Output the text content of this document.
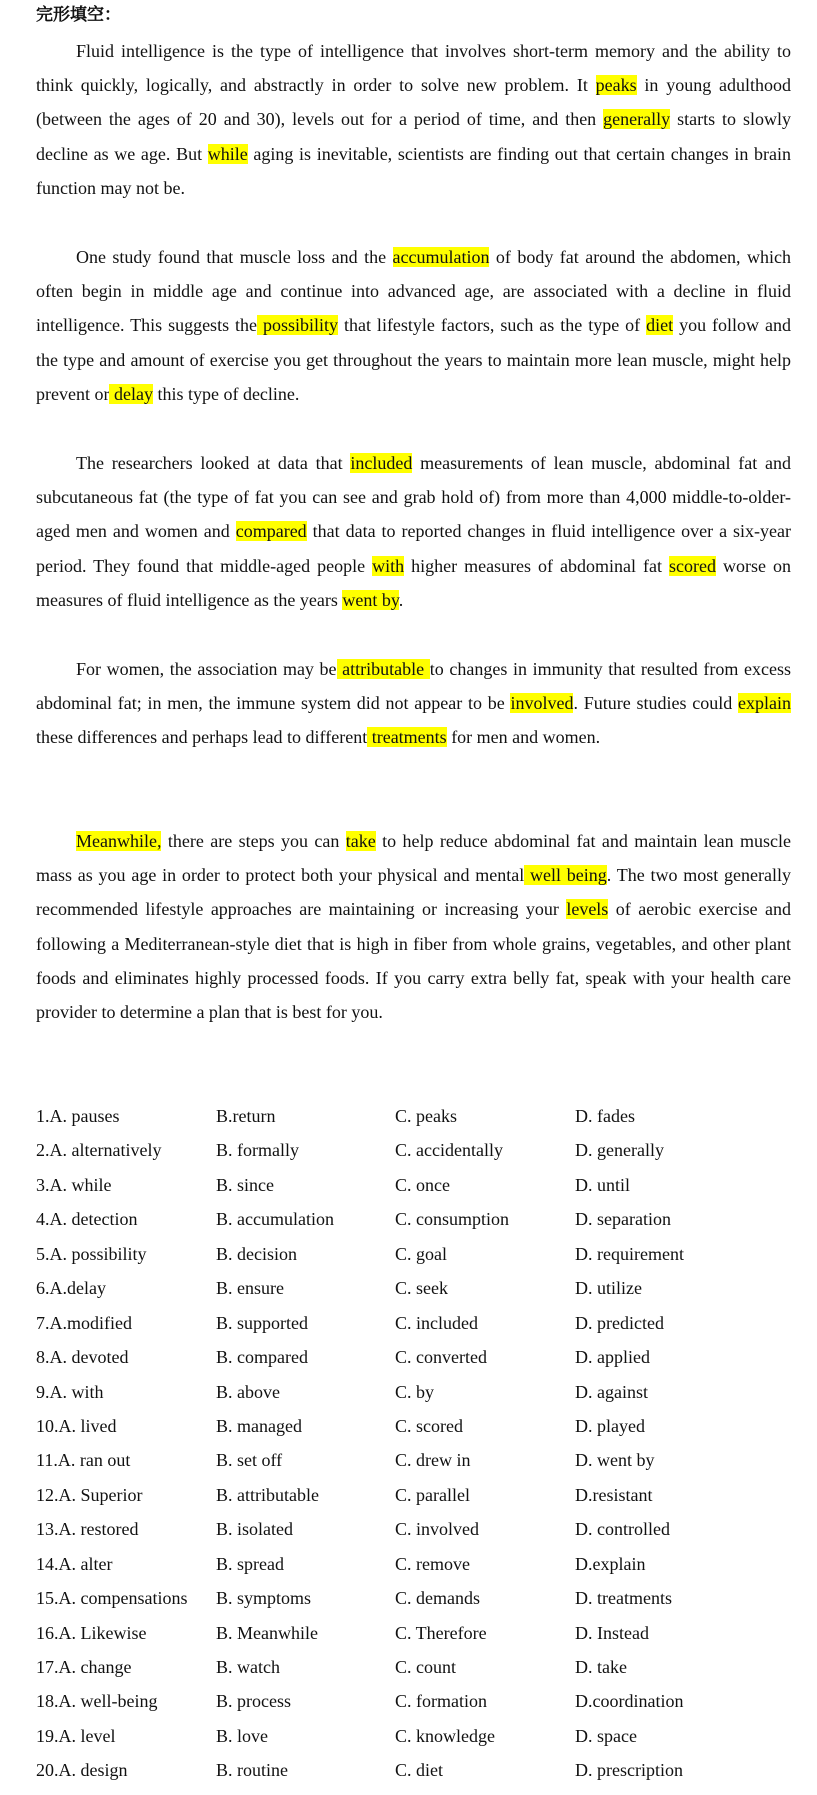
完形填空：

Fluid intelligence is the type of intelligence that involves short-term memory and the ability to think quickly, logically, and abstractly in order to solve new problem. It peaks in young adulthood (between the ages of 20 and 30), levels out for a period of time, and then generally starts to slowly decline as we age. But while aging is inevitable, scientists are finding out that certain changes in brain function may not be.

One study found that muscle loss and the accumulation of body fat around the abdomen, which often begin in middle age and continue into advanced age, are associated with a decline in fluid intelligence. This suggests the possibility that lifestyle factors, such as the type of diet you follow and the type and amount of exercise you get throughout the years to maintain more lean muscle, might help prevent or delay this type of decline.

The researchers looked at data that included measurements of lean muscle, abdominal fat and subcutaneous fat (the type of fat you can see and grab hold of) from more than 4,000 middle-to-older-aged men and women and compared that data to reported changes in fluid intelligence over a six-year period. They found that middle-aged people with higher measures of abdominal fat scored worse on measures of fluid intelligence as the years went by.

For women, the association may be attributable to changes in immunity that resulted from excess abdominal fat; in men, the immune system did not appear to be involved. Future studies could explain these differences and perhaps lead to different treatments for men and women.

Meanwhile, there are steps you can take to help reduce abdominal fat and maintain lean muscle mass as you age in order to protect both your physical and mental well being. The two most generally recommended lifestyle approaches are maintaining or increasing your levels of aerobic exercise and following a Mediterranean-style diet that is high in fiber from whole grains, vegetables, and other plant foods and eliminates highly processed foods. If you carry extra belly fat, speak with your health care provider to determine a plan that is best for you.

1.A. pauses	B.return	C. peaks	D. fades
2.A. alternatively	B. formally	C. accidentally	D. generally
3.A. while	B. since	C. once	D. until
4.A. detection	B. accumulation	C. consumption	D. separation
5.A. possibility	B. decision	C. goal	D. requirement
6.A.delay	B. ensure	C. seek	D. utilize
7.A.modified	B. supported	C. included	D. predicted
8.A. devoted	B. compared	C. converted	D. applied
9.A. with	B. above	C. by	D. against
10.A. lived	B. managed	C. scored	D. played
11.A. ran out	B. set off	C. drew in	D. went by
12.A. Superior	B. attributable	C. parallel	D.resistant
13.A. restored	B. isolated	C. involved	D. controlled
14.A. alter	B. spread	C. remove	D.explain
15.A. compensations B. symptoms	C. demands	D. treatments
16.A. Likewise	B. Meanwhile	C. Therefore	D. Instead
17.A. change	B. watch	C. count	D. take
18.A. well-being	B. process	C. formation	D.coordination
19.A. level	B. love	C. knowledge	D. space
20.A. design	B. routine	C. diet	D. prescription
